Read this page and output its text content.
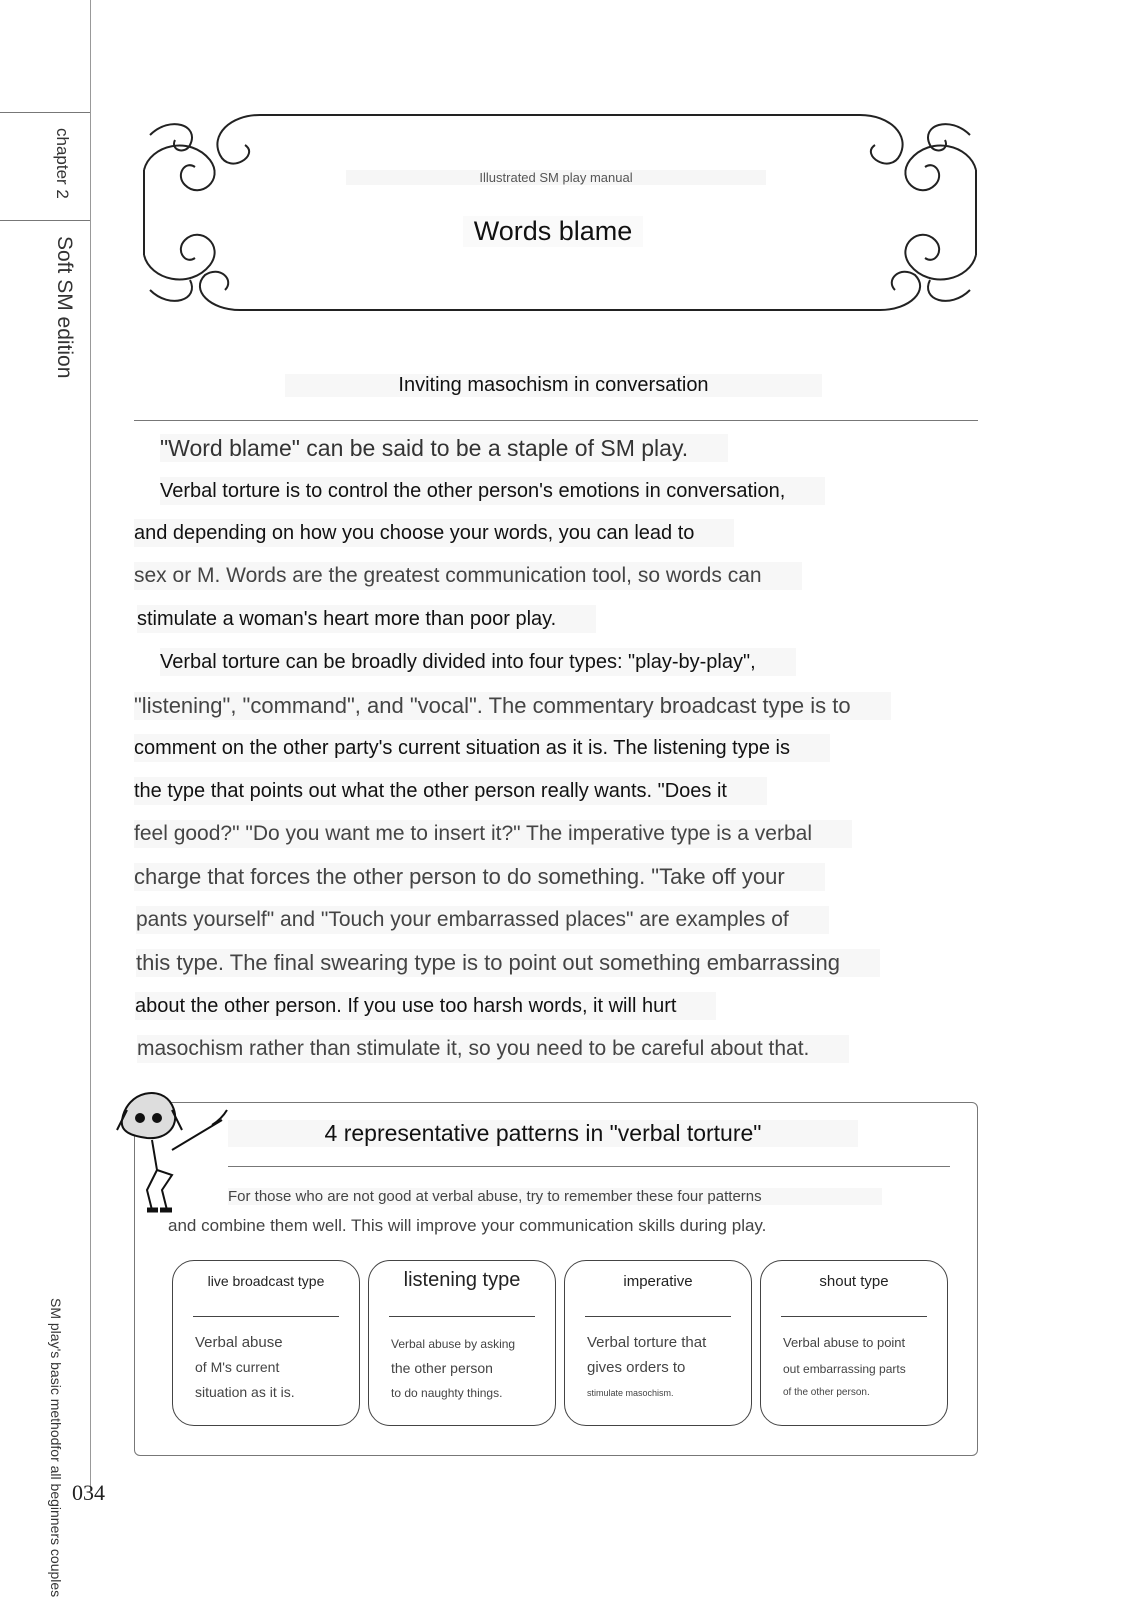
chapter 2
Soft SM edition
SM play's basic methodfor all beginners couples 034
Illustrated SM play manual
Words blame
Inviting masochism in conversation
"Word blame" can be said to be a staple of SM play.
Verbal torture is to control the other person's emotions in conversation,
and depending on how you choose your words, you can lead to
sex or M. Words are the greatest communication tool, so words can
stimulate a woman's heart more than poor play.
Verbal torture can be broadly divided into four types: "play-by-play",
"listening", "command", and "vocal". The commentary broadcast type is to
comment on the other party's current situation as it is. The listening type is
the type that points out what the other person really wants. "Does it
feel good?" "Do you want me to insert it?" The imperative type is a verbal
charge that forces the other person to do something. "Take off your
pants yourself" and "Touch your embarrassed places" are examples of
this type. The final swearing type is to point out something embarrassing
about the other person. If you use too harsh words, it will hurt
masochism rather than stimulate it, so you need to be careful about that.
4 representative patterns in "verbal torture"
For those who are not good at verbal abuse, try to remember these four patterns
and combine them well. This will improve your communication skills during play.
live broadcast type
Verbal abuse
of M's current
situation as it is.
listening type
Verbal abuse by asking
the other person
to do naughty things.
imperative
Verbal torture that
gives orders to
stimulate masochism.
shout type
Verbal abuse to point
out embarrassing parts
of the other person.
